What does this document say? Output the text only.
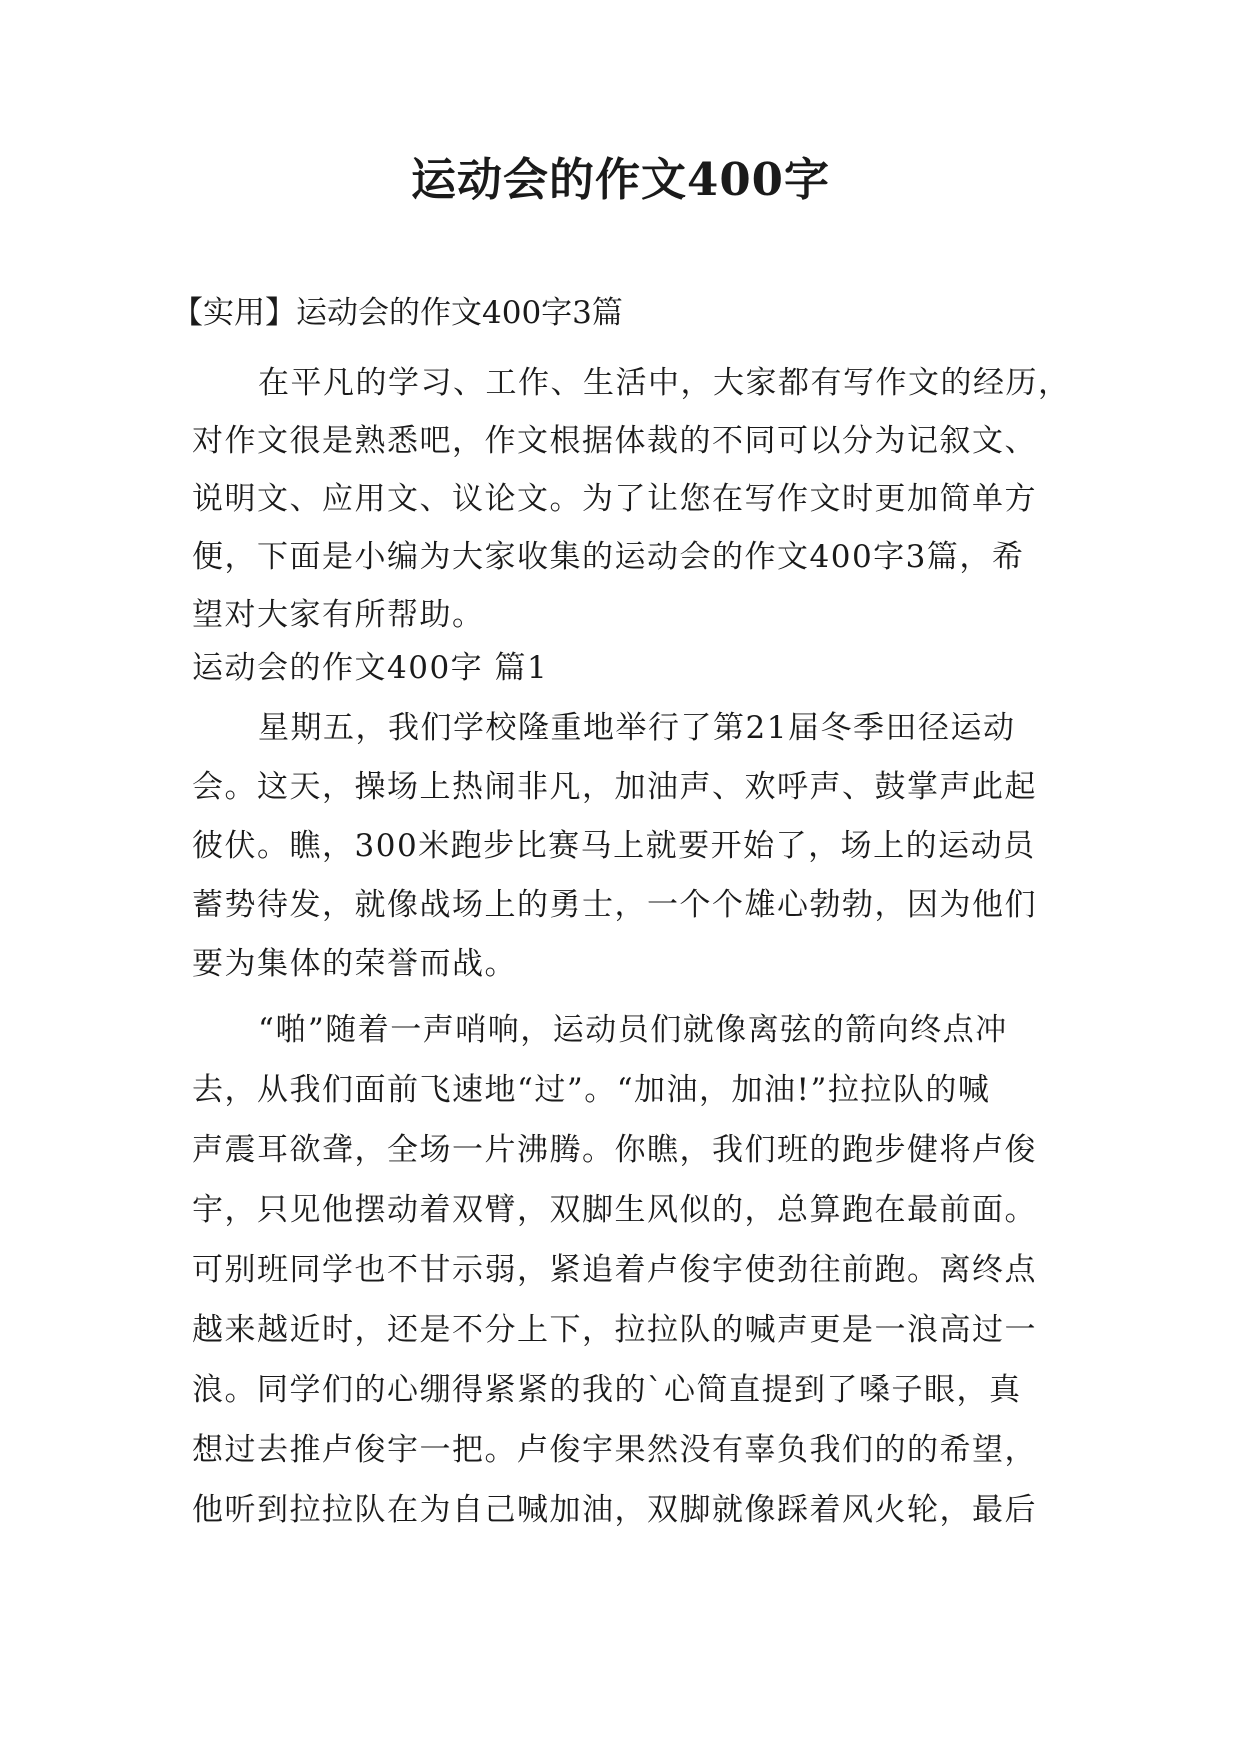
运动会的作文400字
【实用】运动会的作文400字3篇
在平凡的学习、工作、生活中，大家都有写作文的经历，
对作文很是熟悉吧，作文根据体裁的不同可以分为记叙文、
说明文、应用文、议论文。为了让您在写作文时更加简单方
便，下面是小编为大家收集的运动会的作文400字3篇，希
望对大家有所帮助。
运动会的作文400字 篇1
星期五，我们学校隆重地举行了第21届冬季田径运动
会。这天，操场上热闹非凡，加油声、欢呼声、鼓掌声此起
彼伏。瞧，300米跑步比赛马上就要开始了，场上的运动员
蓄势待发，就像战场上的勇士，一个个雄心勃勃，因为他们
要为集体的荣誉而战。
“啪”随着一声哨响，运动员们就像离弦的箭向终点冲
去，从我们面前飞速地“过”。“加油，加油!”拉拉队的喊
声震耳欲聋，全场一片沸腾。你瞧，我们班的跑步健将卢俊
宇，只见他摆动着双臂，双脚生风似的，总算跑在最前面。
可别班同学也不甘示弱，紧追着卢俊宇使劲往前跑。离终点
越来越近时，还是不分上下，拉拉队的喊声更是一浪高过一
浪。同学们的心绷得紧紧的我的`心简直提到了嗓子眼，真
想过去推卢俊宇一把。卢俊宇果然没有辜负我们的的希望，
他听到拉拉队在为自己喊加油，双脚就像踩着风火轮，最后
